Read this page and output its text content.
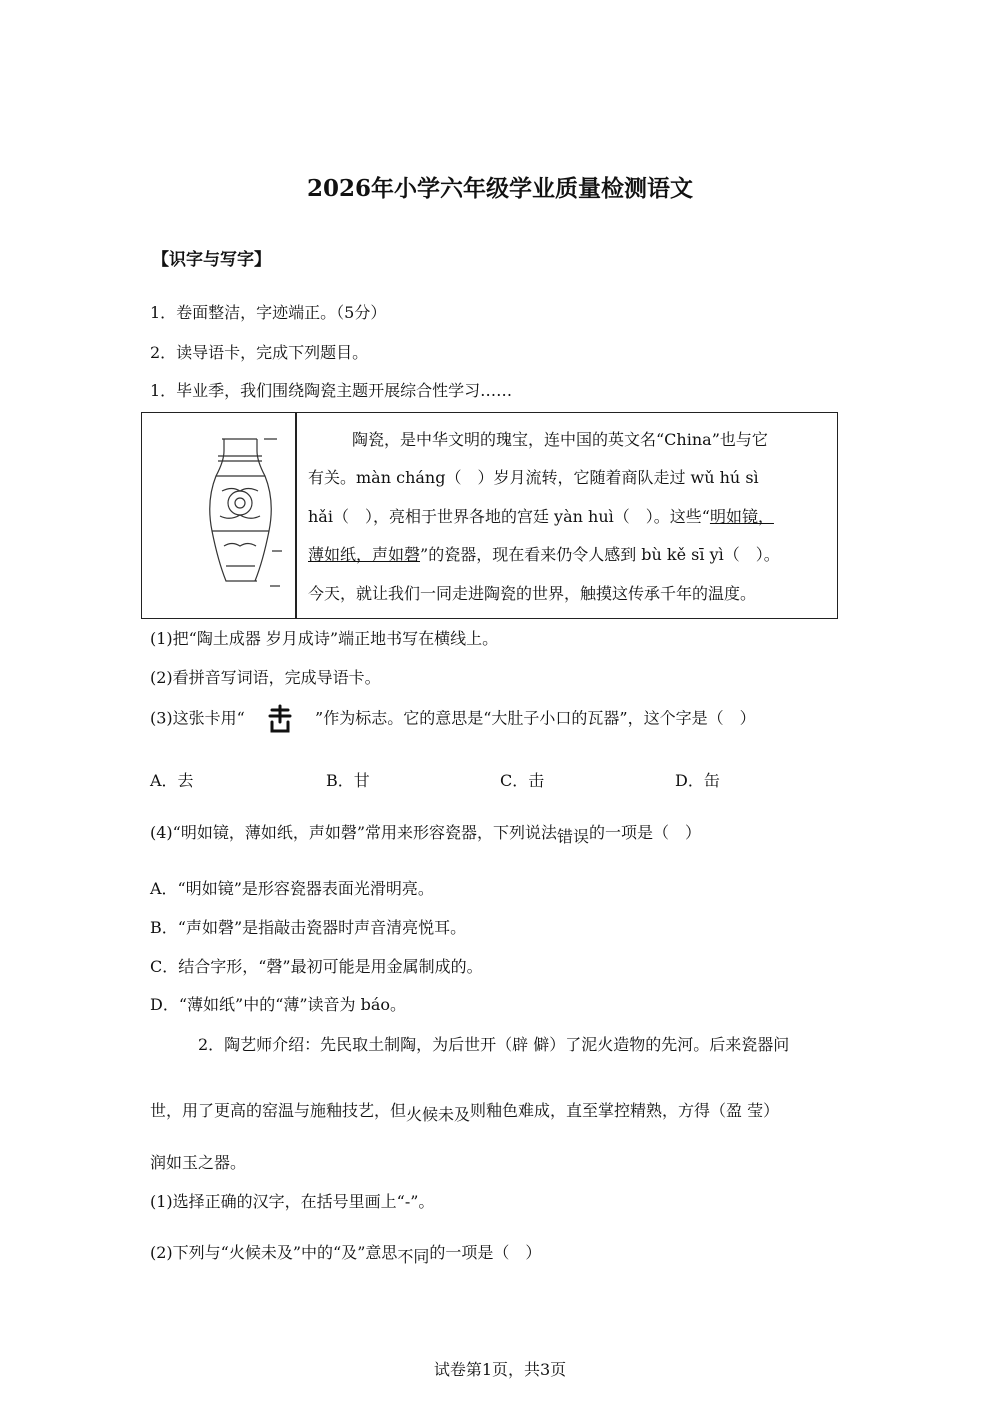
2026年小学六年级学业质量检测语文
【识字与写字】
1．卷面整洁，字迹端正。（5分）
2．读导语卡，完成下列题目。
1．毕业季，我们围绕陶瓷主题开展综合性学习……
陶瓷，是中华文明的瑰宝，连中国的英文名“China”也与它
有关。màn cháng（　）岁月流转，它随着商队走过 wǔ hú sì
hǎi（　），亮相于世界各地的宫廷 yàn huì（　）。这些“明如镜，
薄如纸，声如磬”的瓷器，现在看来仍令人感到 bù kě sī yì（　）。
今天，就让我们一同走进陶瓷的世界，触摸这传承千年的温度。
(1)把“陶土成器 岁月成诗”端正地书写在横线上。
(2)看拼音写词语，完成导语卡。
(3)这张卡用“	”作为标志。它的意思是“大肚子小口的瓦器”，这个字是（　）
A．去	B．甘	C．击	D．缶
(4)“明如镜，薄如纸，声如磬”常用来形容瓷器，下列说法错误的一项是（　）
A．“明如镜”是形容瓷器表面光滑明亮。
B．“声如磬”是指敲击瓷器时声音清亮悦耳。
C．结合字形，“磬”最初可能是用金属制成的。
D．“薄如纸”中的“薄”读音为 báo。
2．陶艺师介绍：先民取土制陶，为后世开（辟 僻）了泥火造物的先河。后来瓷器问
世，用了更高的窑温与施釉技艺，但火候未及则釉色难成，直至掌控精熟，方得（盈 莹）
润如玉之器。
(1)选择正确的汉字，在括号里画上“-”。
(2)下列与“火候未及”中的“及”意思不同的一项是（　）
试卷第1页，共3页
